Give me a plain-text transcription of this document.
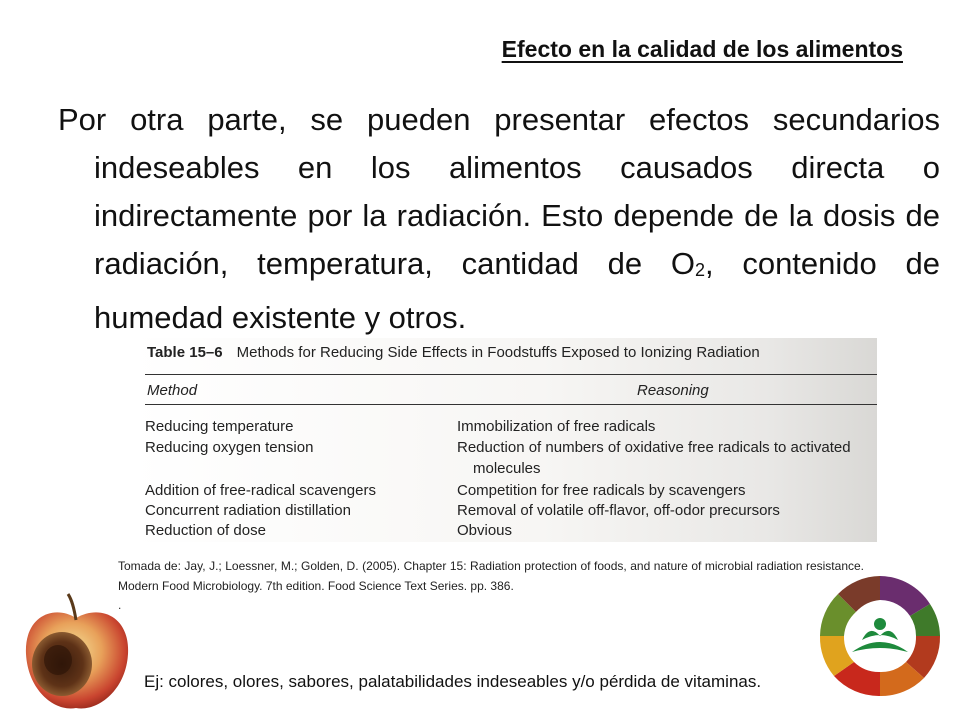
Efecto en la calidad de los alimentos
Por otra parte, se pueden presentar efectos secundarios indeseables en los alimentos causados directa o indirectamente por la radiación. Esto depende de la dosis de radiación, temperatura, cantidad de $O_2$, contenido de humedad existente y otros.
Table 15–6 Methods for Reducing Side Effects in Foodstuffs Exposed to Ionizing Radiation
Method	Reasoning
Reducing temperature	Immobilization of free radicals
Reducing oxygen tension	Reduction of numbers of oxidative free radicals to activated
molecules
Addition of free-radical scavengers	Competition for free radicals by scavengers
Concurrent radiation distillation	Removal of volatile off-flavor, off-odor precursors
Reduction of dose	Obvious
Tomada de: Jay, J.; Loessner, M.; Golden, D. (2005). Chapter 15: Radiation protection of foods, and nature of microbial radiation resistance. Modern Food Microbiology. 7th edition. Food Science Text Series. pp. 386.
.
Ej: colores, olores, sabores, palatabilidades indeseables y/o pérdida de vitaminas.
